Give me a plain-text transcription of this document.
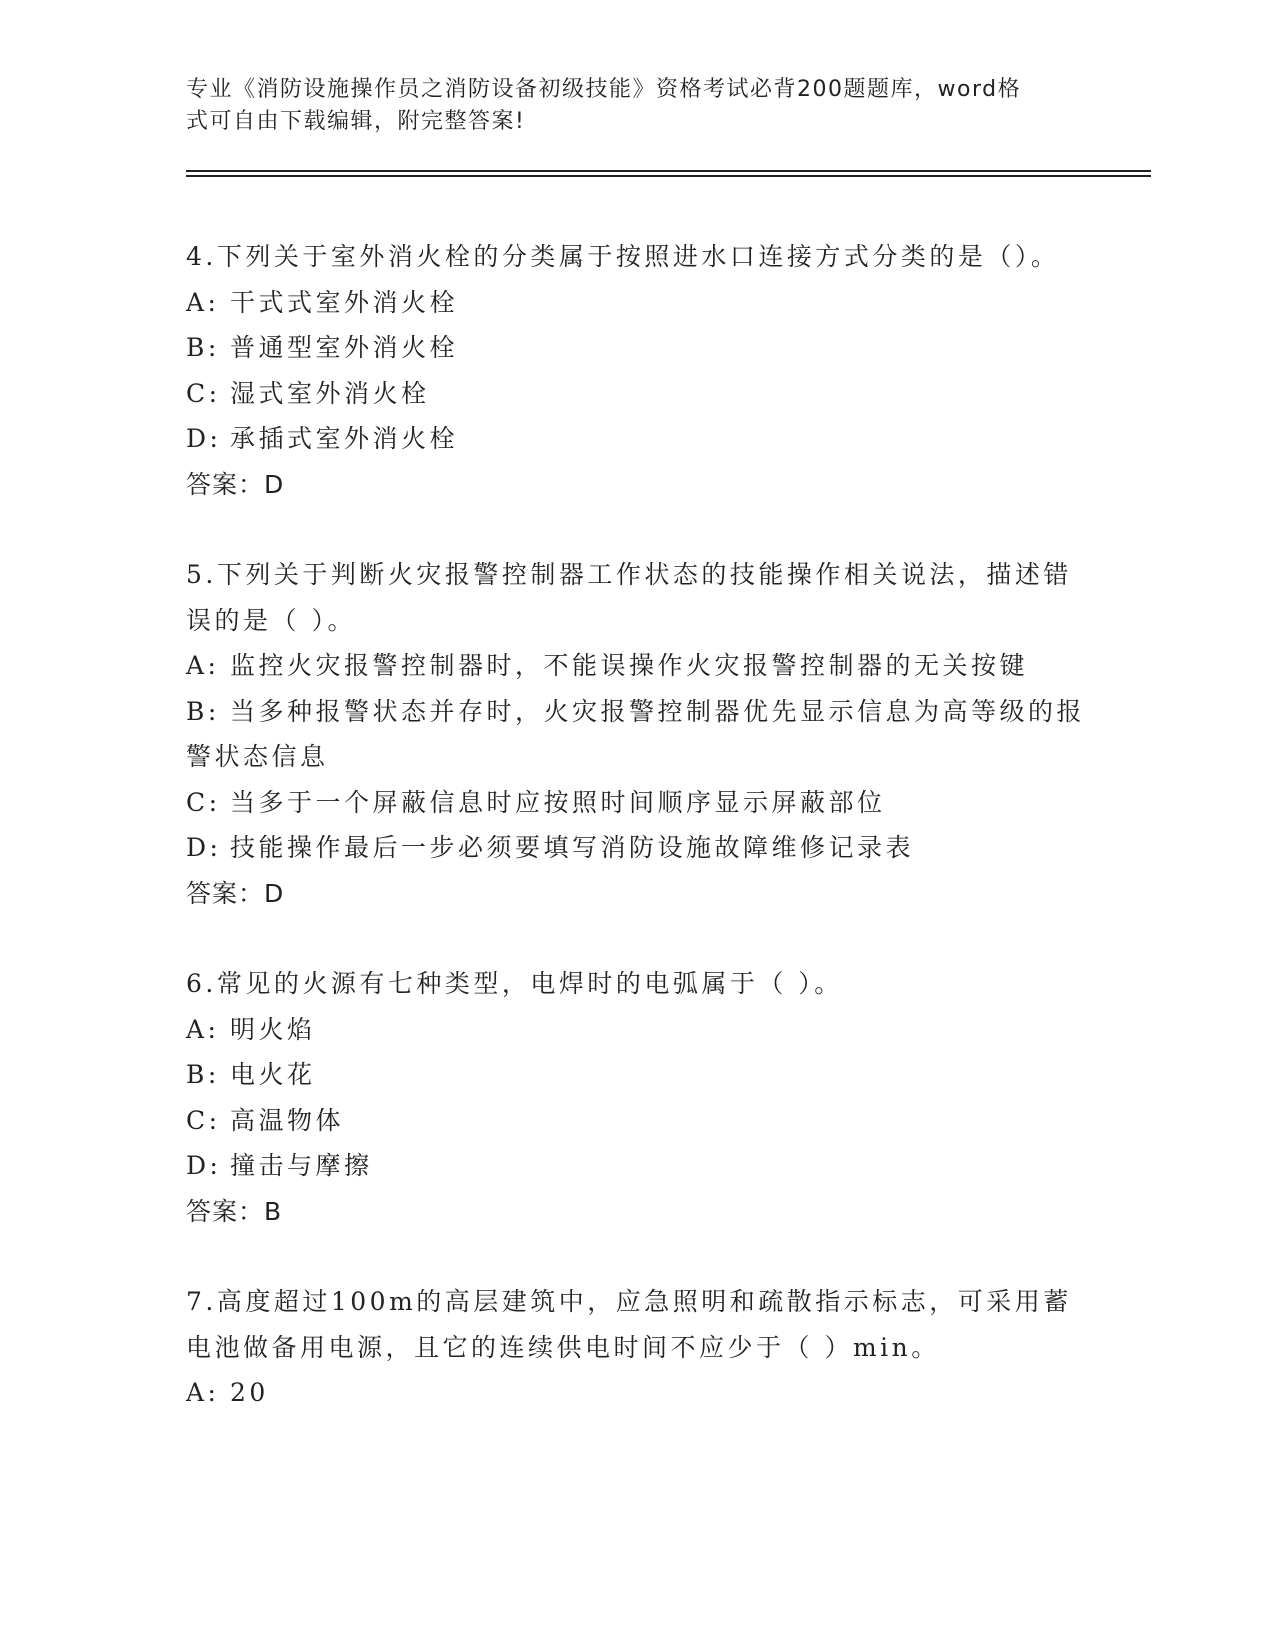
专业《消防设施操作员之消防设备初级技能》资格考试必背200题题库，word格
式可自由下载编辑，附完整答案!
4.下列关于室外消火栓的分类属于按照进水口连接方式分类的是（）。
A: 干式式室外消火栓
B: 普通型室外消火栓
C: 湿式室外消火栓
D: 承插式室外消火栓
答案：D
5.下列关于判断火灾报警控制器工作状态的技能操作相关说法，描述错误的是（ ）。
A: 监控火灾报警控制器时，不能误操作火灾报警控制器的无关按键
B: 当多种报警状态并存时，火灾报警控制器优先显示信息为高等级的报警状态信息
C: 当多于一个屏蔽信息时应按照时间顺序显示屏蔽部位
D: 技能操作最后一步必须要填写消防设施故障维修记录表
答案：D
6.常见的火源有七种类型，电焊时的电弧属于（ ）。
A: 明火焰
B: 电火花
C: 高温物体
D: 撞击与摩擦
答案：B
7.高度超过100m的高层建筑中，应急照明和疏散指示标志，可采用蓄电池做备用电源，且它的连续供电时间不应少于（ ）min。
A: 20
